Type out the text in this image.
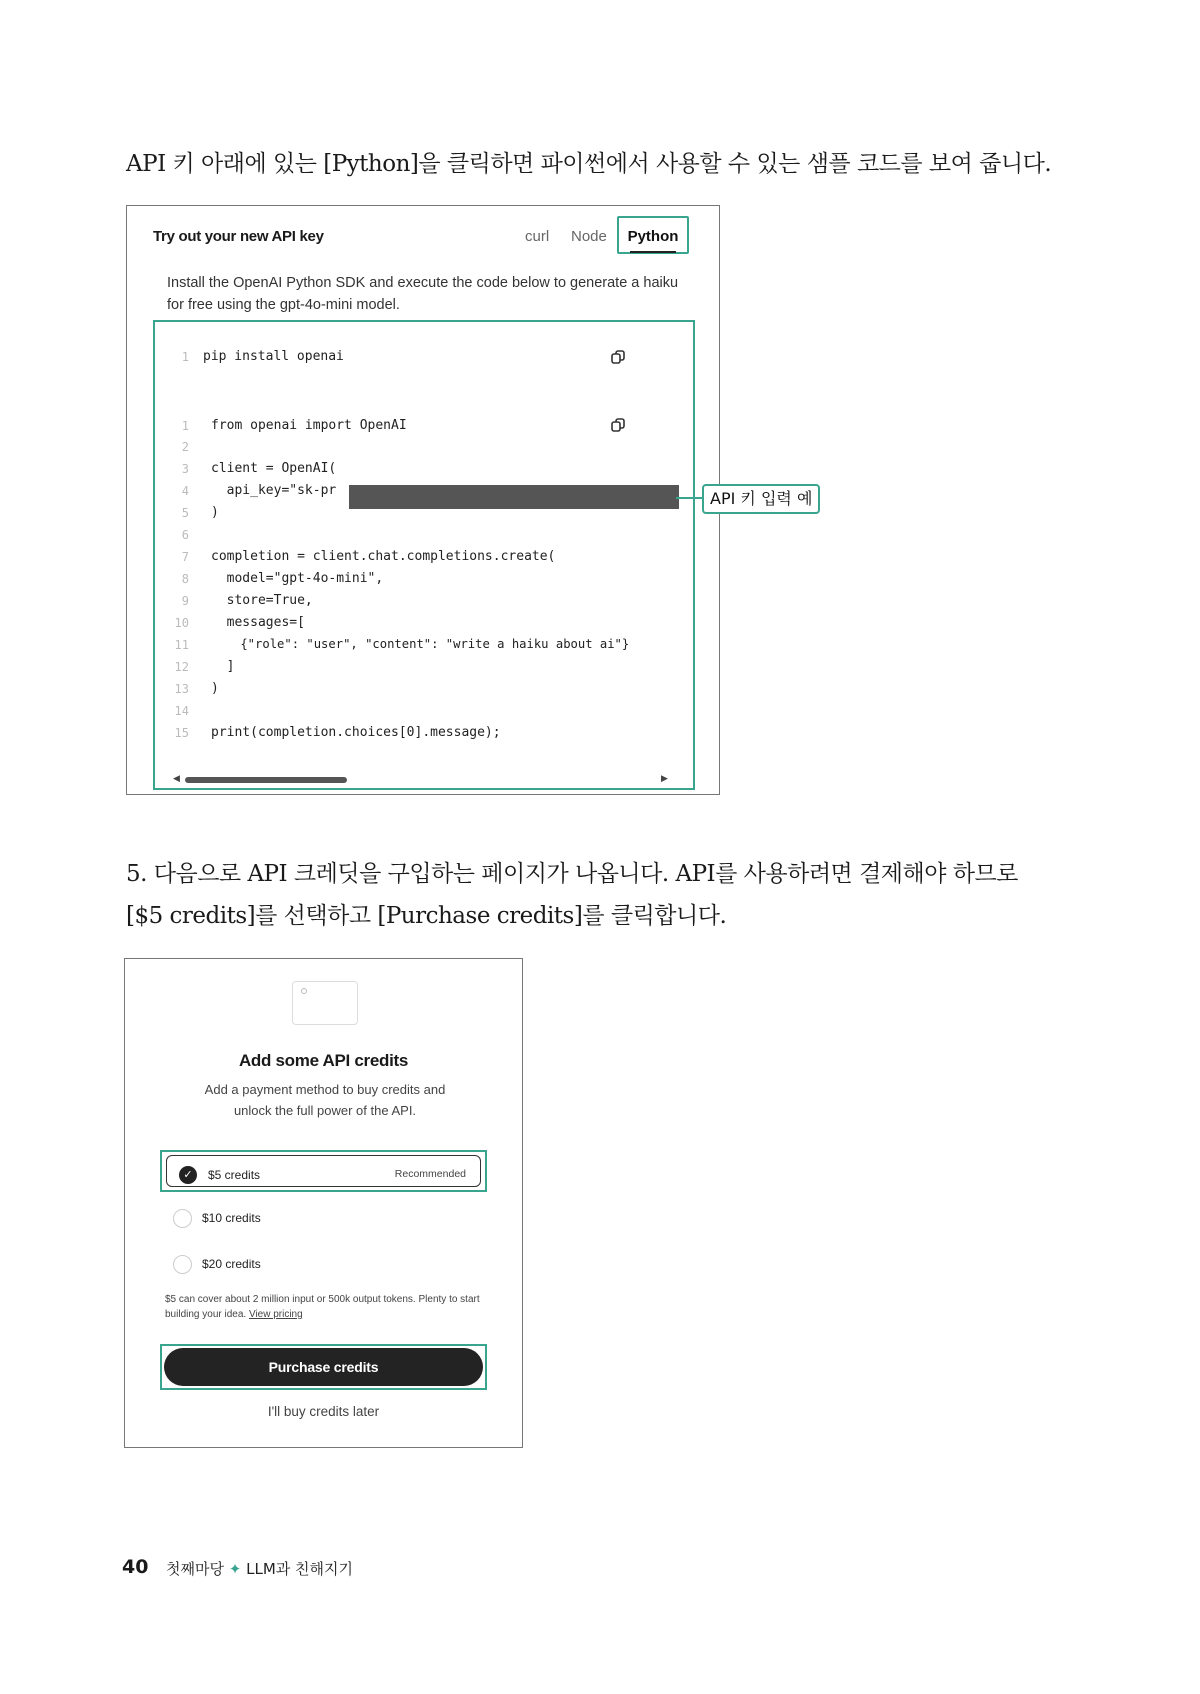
API 키 아래에 있는 [Python]을 클릭하면 파이썬에서 사용할 수 있는 샘플 코드를 보여 줍니다.
Try out your new API key	curl Node	Python
Install the OpenAI Python SDK and execute the code below to generate a haiku for free using the gpt-4o-mini model.
1 pip install openai
1
2
3
4
5
6
7
8
9
10
11
12
13
14
15
from openai import OpenAI
client = OpenAI(
api_key="sk-pr
)
completion = client.chat.completions.create(
model="gpt-4o-mini",
store=True,
messages=[
{"role": "user", "content": "write a haiku about ai"}
]
)
print(completion.choices[0].message);
◀	▶
API 키 입력 예
5. 다음으로 API 크레딧을 구입하는 페이지가 나옵니다. API를 사용하려면 결제해야 하므로 [$5 credits]를 선택하고 [Purchase credits]를 클릭합니다.
Add some API credits
Add a payment method to buy credits and unlock the full power of the API.
✓	$5 credits	Recommended
$10 credits
$20 credits
$5 can cover about 2 million input or 500k output tokens. Plenty to start building your idea. View pricing
Purchase credits
I'll buy credits later
40 첫째마당 ✦ LLM과 친해지기
